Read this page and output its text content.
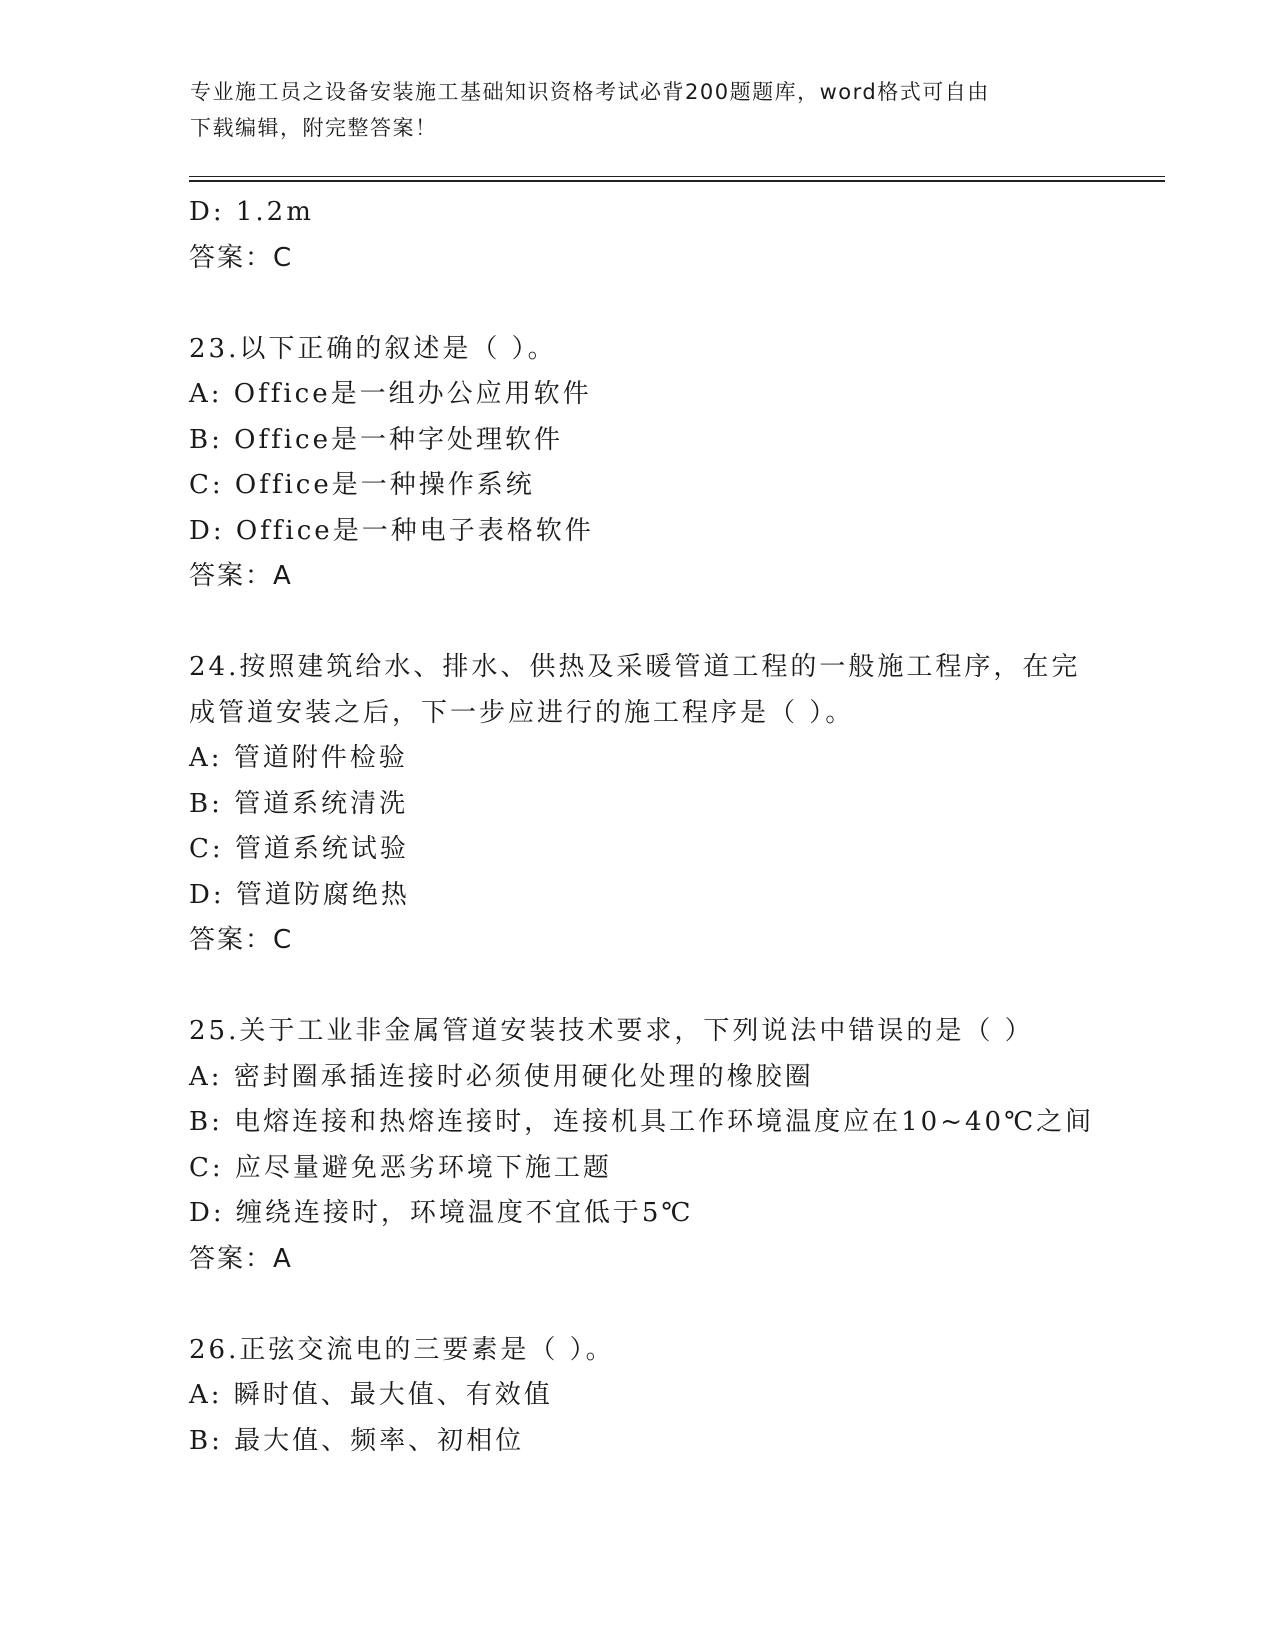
专业施工员之设备安装施工基础知识资格考试必背200题题库，word格式可自由
下载编辑，附完整答案！
D: 1.2m
答案：C
23.以下正确的叙述是（ ）。
A: Office是一组办公应用软件
B: Office是一种字处理软件
C: Office是一种操作系统
D: Office是一种电子表格软件
答案：A
24.按照建筑给水、排水、供热及采暖管道工程的一般施工程序，在完
成管道安装之后，下一步应进行的施工程序是（ ）。
A: 管道附件检验
B: 管道系统清洗
C: 管道系统试验
D: 管道防腐绝热
答案：C
25.关于工业非金属管道安装技术要求，下列说法中错误的是（ ）
A: 密封圈承插连接时必须使用硬化处理的橡胶圈
B: 电熔连接和热熔连接时，连接机具工作环境温度应在10~40℃之间
C: 应尽量避免恶劣环境下施工题
D: 缠绕连接时，环境温度不宜低于5℃
答案：A
26.正弦交流电的三要素是（ ）。
A: 瞬时值、最大值、有效值
B: 最大值、频率、初相位
